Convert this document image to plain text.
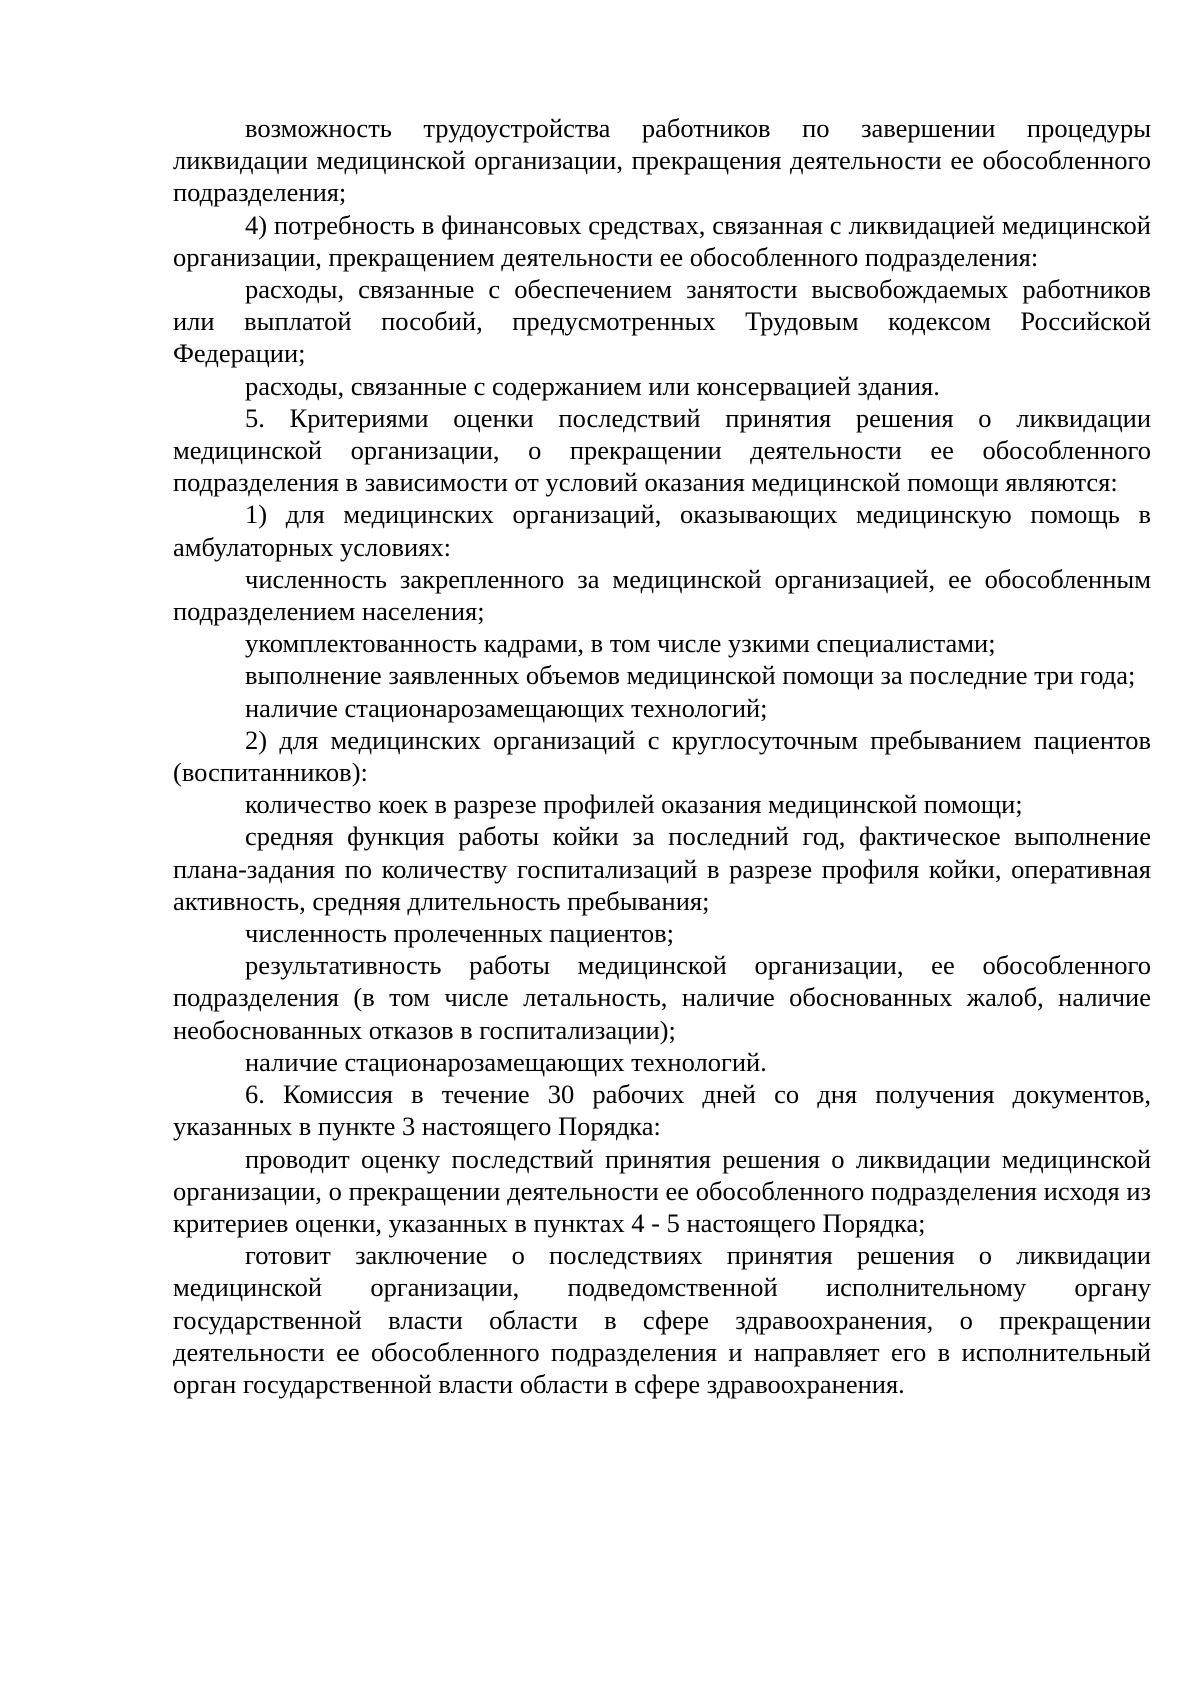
возможность трудоустройства работников по завершении процедуры ликвидации медицинской организации, прекращения деятельности ее обособленного подразделения;

4) потребность в финансовых средствах, связанная с ликвидацией медицинской организации, прекращением деятельности ее обособленного подразделения:

расходы, связанные с обеспечением занятости высвобождаемых работников или выплатой пособий, предусмотренных Трудовым кодексом Российской Федерации;

расходы, связанные с содержанием или консервацией здания.

5. Критериями оценки последствий принятия решения о ликвидации медицинской организации, о прекращении деятельности ее обособленного подразделения в зависимости от условий оказания медицинской помощи являются:

1) для медицинских организаций, оказывающих медицинскую помощь в амбулаторных условиях:

численность закрепленного за медицинской организацией, ее обособленным подразделением населения;

укомплектованность кадрами, в том числе узкими специалистами;

выполнение заявленных объемов медицинской помощи за последние три года;

наличие стационарозамещающих технологий;

2) для медицинских организаций с круглосуточным пребыванием пациентов (воспитанников):

количество коек в разрезе профилей оказания медицинской помощи;

средняя функция работы койки за последний год, фактическое выполнение плана-задания по количеству госпитализаций в разрезе профиля койки, оперативная активность, средняя длительность пребывания;

численность пролеченных пациентов;

результативность работы медицинской организации, ее обособленного подразделения (в том числе летальность, наличие обоснованных жалоб, наличие необоснованных отказов в госпитализации);

наличие стационарозамещающих технологий.

6. Комиссия в течение 30 рабочих дней со дня получения документов, указанных в пункте 3 настоящего Порядка:

проводит оценку последствий принятия решения о ликвидации медицинской организации, о прекращении деятельности ее обособленного подразделения исходя из критериев оценки, указанных в пунктах 4 - 5 настоящего Порядка;

готовит заключение о последствиях принятия решения о ликвидации медицинской организации, подведомственной исполнительному органу государственной власти области в сфере здравоохранения, о прекращении деятельности ее обособленного подразделения и направляет его в исполнительный орган государственной власти области в сфере здравоохранения.
